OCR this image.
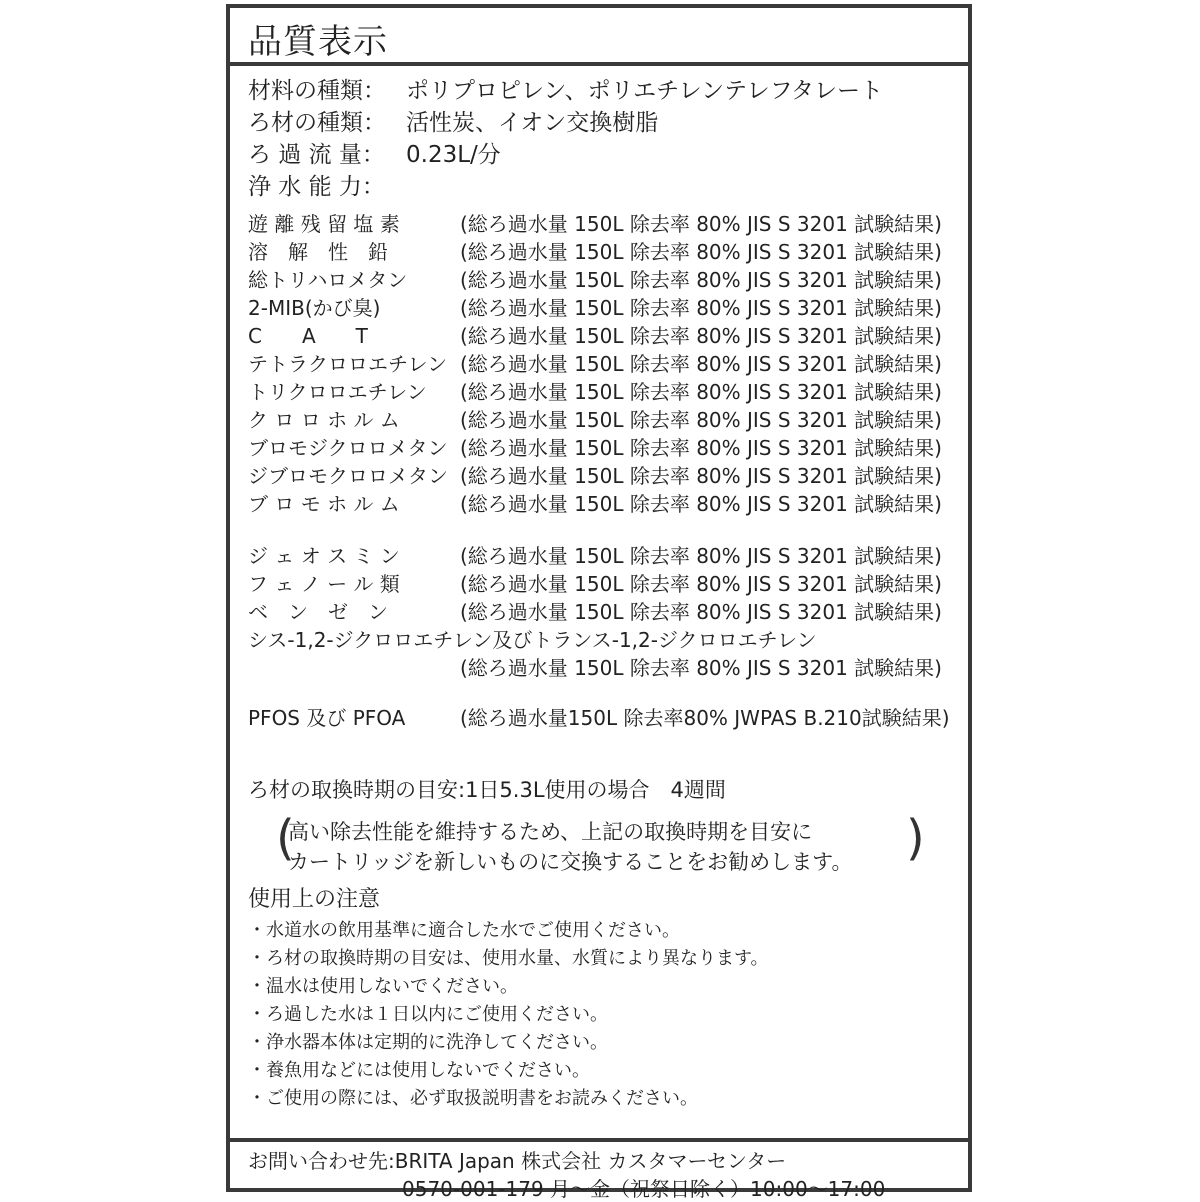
品質表示
材料の種類： ポリプロピレン、ポリエチレンテレフタレート
ろ材の種類： 活性炭、イオン交換樹脂
ろ 過 流 量： 0.23L/分
浄 水 能 力：
遊 離 残 留 塩 素	(総ろ過水量 150L 除去率 80% JIS S 3201 試験結果)
溶　解　性　鉛	(総ろ過水量 150L 除去率 80% JIS S 3201 試験結果)
総トリハロメタン	(総ろ過水量 150L 除去率 80% JIS S 3201 試験結果)
2-MIB(かび臭)	(総ろ過水量 150L 除去率 80% JIS S 3201 試験結果)
C　　A　　T	(総ろ過水量 150L 除去率 80% JIS S 3201 試験結果)
テトラクロロエチレン (総ろ過水量 150L 除去率 80% JIS S 3201 試験結果)
トリクロロエチレン (総ろ過水量 150L 除去率 80% JIS S 3201 試験結果)
ク ロ ロ ホ ル ム	(総ろ過水量 150L 除去率 80% JIS S 3201 試験結果)
ブロモジクロロメタン (総ろ過水量 150L 除去率 80% JIS S 3201 試験結果)
ジブロモクロロメタン (総ろ過水量 150L 除去率 80% JIS S 3201 試験結果)
ブ ロ モ ホ ル ム	(総ろ過水量 150L 除去率 80% JIS S 3201 試験結果)
ジ ェ オ ス ミ ン	(総ろ過水量 150L 除去率 80% JIS S 3201 試験結果)
フ ェ ノ ー ル 類	(総ろ過水量 150L 除去率 80% JIS S 3201 試験結果)
ベ　ン　ゼ　ン	(総ろ過水量 150L 除去率 80% JIS S 3201 試験結果)
シス-1,2-ジクロロエチレン及びトランス-1,2-ジクロロエチレン
(総ろ過水量 150L 除去率 80% JIS S 3201 試験結果)
PFOS 及び PFOA	(総ろ過水量150L 除去率80% JWPAS B.210試験結果)
ろ材の取換時期の目安:1日5.3L使用の場合　4週間
(
高い除去性能を維持するため、上記の取換時期を目安に
カートリッジを新しいものに交換することをお勧めします。 )
使用上の注意
・水道水の飲用基準に適合した水でご使用ください。
・ろ材の取換時期の目安は、使用水量、水質により異なります。
・温水は使用しないでください。
・ろ過した水は１日以内にご使用ください。
・浄水器本体は定期的に洗浄してください。
・養魚用などには使用しないでください。
・ご使用の際には、必ず取扱説明書をお読みください。
お問い合わせ先:BRITA Japan 株式会社 カスタマーセンター
0570-001-179 月〜金（祝祭日除く）10:00〜17:00
